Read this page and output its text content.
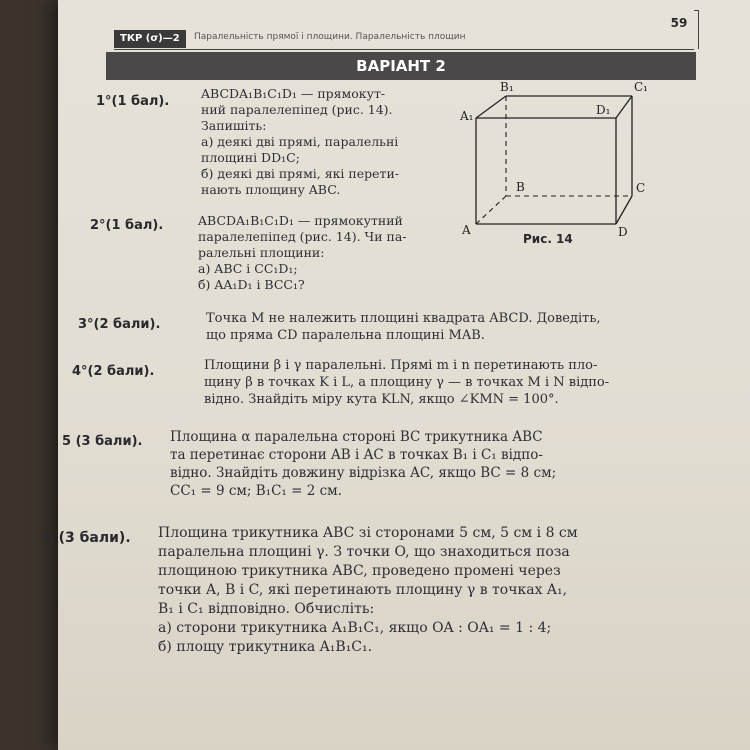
ТКР (σ)—2	Паралельність прямої і площини. Паралельність площин
59
ВАРІАНТ 2
1°(1 бал).
ABCDA₁B₁C₁D₁ — прямокут-
ний паралелепіпед (рис. 14).
Запишіть:
а) деякі дві прямі, паралельні
площині DD₁C;
б) деякі дві прямі, які перети-
нають площину ABC.
B₁	C₁
A₁	D₁
B	C
A	D
Рис. 14
2°(1 бал).	ABCDA₁B₁C₁D₁ — прямокутний
паралелепіпед (рис. 14). Чи па-
ралельні площини:
а) ABC і CC₁D₁;
б) AA₁D₁ і BCC₁?
3°(2 бали).	Точка M не належить площині квадрата ABCD. Доведіть,
що пряма CD паралельна площині MAB.
4°(2 бали).	Площини β і γ паралельні. Прямі m і n перетинають пло-
щину β в точках K і L, а площину γ — в точках M і N відпо-
відно. Знайдіть міру кута KLN, якщо ∠KMN = 100°.
5 (3 бали). Площина α паралельна стороні BC трикутника ABC
та перетинає сторони AB і AC в точках B₁ і C₁ відпо-
відно. Знайдіть довжину відрізка AC, якщо BC = 8 см;
CC₁ = 9 см; B₁C₁ = 2 см.
6 (3 бали). Площина трикутника ABC зі сторонами 5 см, 5 см і 8 см
паралельна площині γ. З точки O, що знаходиться поза
площиною трикутника ABC, проведено промені через
точки A, B і C, які перетинають площину γ в точках A₁,
B₁ і C₁ відповідно. Обчисліть:
а) сторони трикутника A₁B₁C₁, якщо OA : OA₁ = 1 : 4;
б) площу трикутника A₁B₁C₁.
